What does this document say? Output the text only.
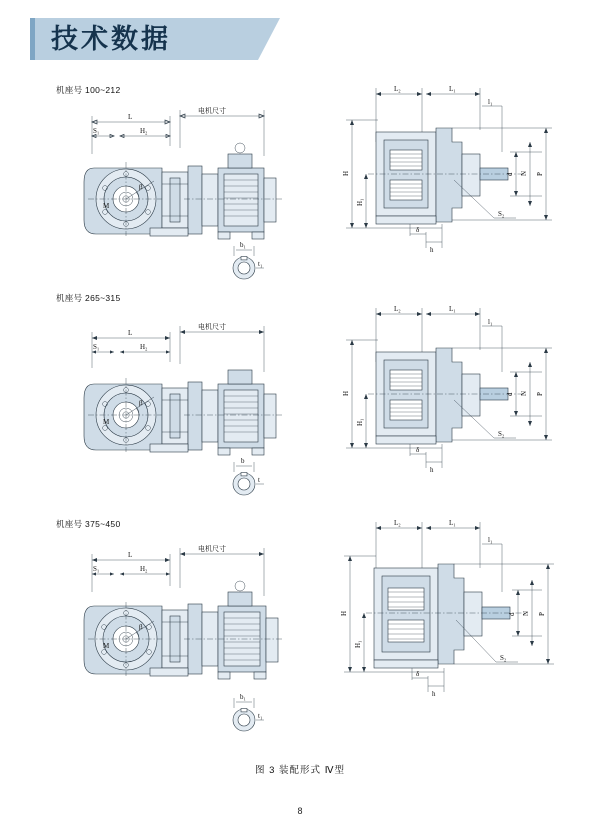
技术数据
机座号 100~212
L
电机尺寸
S₁	H₂
β
M
b₁
t₁
L₂	L₁
l₁
d N P
H
H₁
h
δ
S₂
机座号 265~315
L
电机尺寸
S₁	H₂
β
M
b
t
L₂	L₁
l₁
d N P
H
H₁
h
δ
S₂
机座号 375~450
L
电机尺寸
S₁	H₂
β
M
b₁
t₁
L₂	L₁
l₁
d N P
H
H₁
h
δ
S₂
图 3 装配形式 Ⅳ型
8
